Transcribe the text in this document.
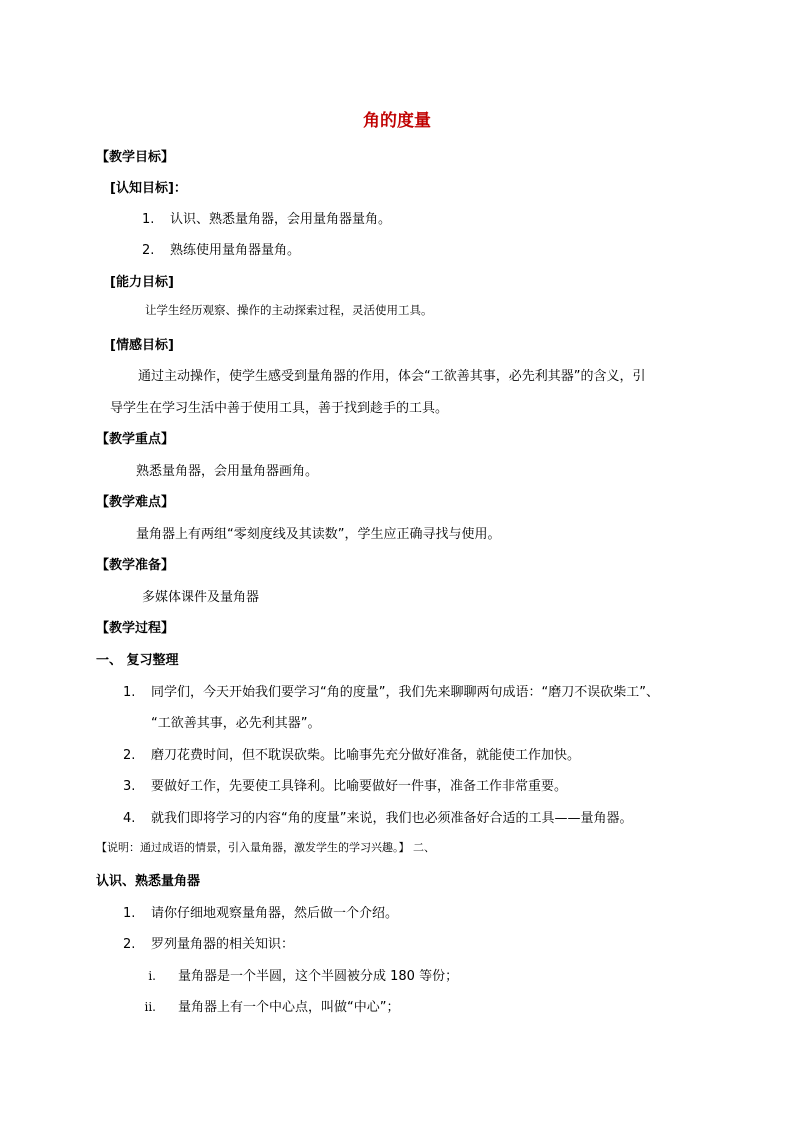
角的度量
【教学目标】
[认知目标]：
1. 认识、熟悉量角器，会用量角器量角。
2. 熟练使用量角器量角。
[能力目标]
让学生经历观察、操作的主动探索过程，灵活使用工具。
[情感目标]
通过主动操作，使学生感受到量角器的作用，体会“工欲善其事，必先利其器”的含义，引
导学生在学习生活中善于使用工具，善于找到趁手的工具。
【教学重点】
熟悉量角器，会用量角器画角。
【教学难点】
量角器上有两组“零刻度线及其读数”，学生应正确寻找与使用。
【教学准备】
多媒体课件及量角器
【教学过程】
一、 复习整理
1. 同学们，今天开始我们要学习“角的度量”，我们先来聊聊两句成语：“磨刀不误砍柴工”、
“工欲善其事，必先利其器”。
2. 磨刀花费时间，但不耽误砍柴。比喻事先充分做好准备，就能使工作加快。
3. 要做好工作，先要使工具锋利。比喻要做好一件事，准备工作非常重要。
4. 就我们即将学习的内容“角的度量”来说，我们也必须准备好合适的工具——量角器。
【说明：通过成语的情景，引入量角器，激发学生的学习兴趣。】 二、
认识、熟悉量角器
1. 请你仔细地观察量角器，然后做一个介绍。
2. 罗列量角器的相关知识：
i. 量角器是一个半圆，这个半圆被分成 180 等份；
ii. 量角器上有一个中心点，叫做“中心”；
